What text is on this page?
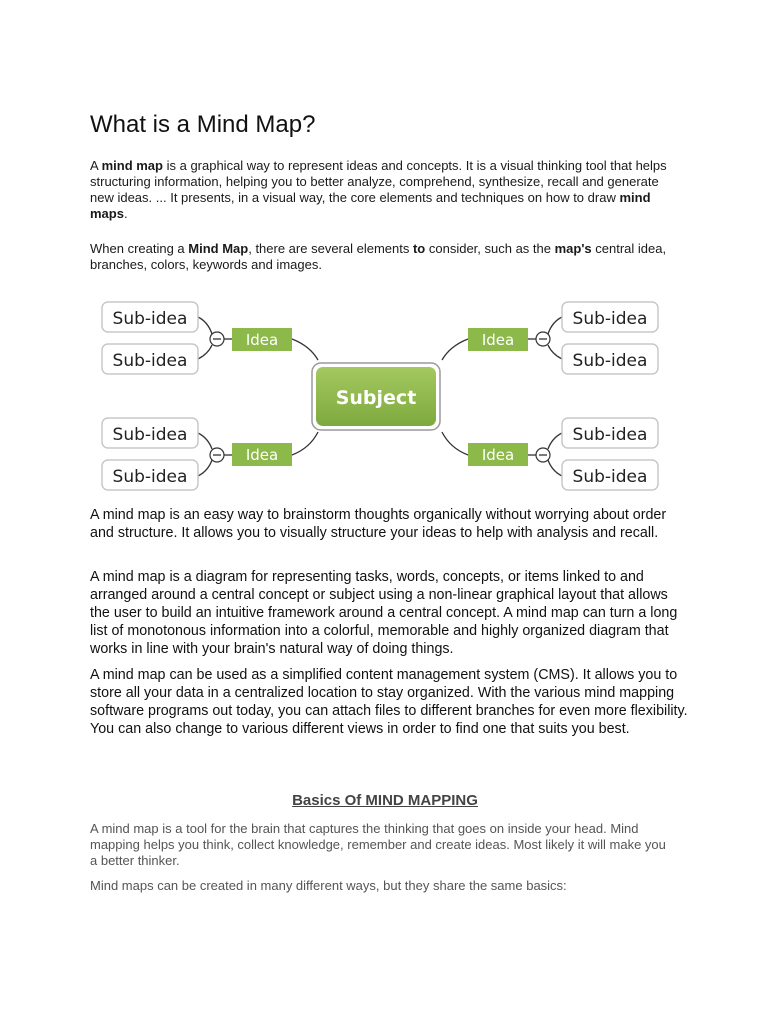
What is a Mind Map?

A mind map is a graphical way to represent ideas and concepts. It is a visual thinking tool that helps structuring information, helping you to better analyze, comprehend, synthesize, recall and generate new ideas. ... It presents, in a visual way, the core elements and techniques on how to draw mind maps.

When creating a Mind Map, there are several elements to consider, such as the map's central idea, branches, colors, keywords and images.

Subject
Idea
Sub-idea
Sub-idea
Idea
Sub-idea
Sub-idea
Idea
Sub-idea
Sub-idea
Idea
Sub-idea
Sub-idea

A mind map is an easy way to brainstorm thoughts organically without worrying about order and structure. It allows you to visually structure your ideas to help with analysis and recall.

A mind map is a diagram for representing tasks, words, concepts, or items linked to and arranged around a central concept or subject using a non-linear graphical layout that allows the user to build an intuitive framework around a central concept. A mind map can turn a long list of monotonous information into a colorful, memorable and highly organized diagram that works in line with your brain's natural way of doing things.

A mind map can be used as a simplified content management system (CMS). It allows you to store all your data in a centralized location to stay organized. With the various mind mapping software programs out today, you can attach files to different branches for even more flexibility. You can also change to various different views in order to find one that suits you best.

Basics Of MIND MAPPING

A mind map is a tool for the brain that captures the thinking that goes on inside your head. Mind mapping helps you think, collect knowledge, remember and create ideas. Most likely it will make you a better thinker.

Mind maps can be created in many different ways, but they share the same basics:
